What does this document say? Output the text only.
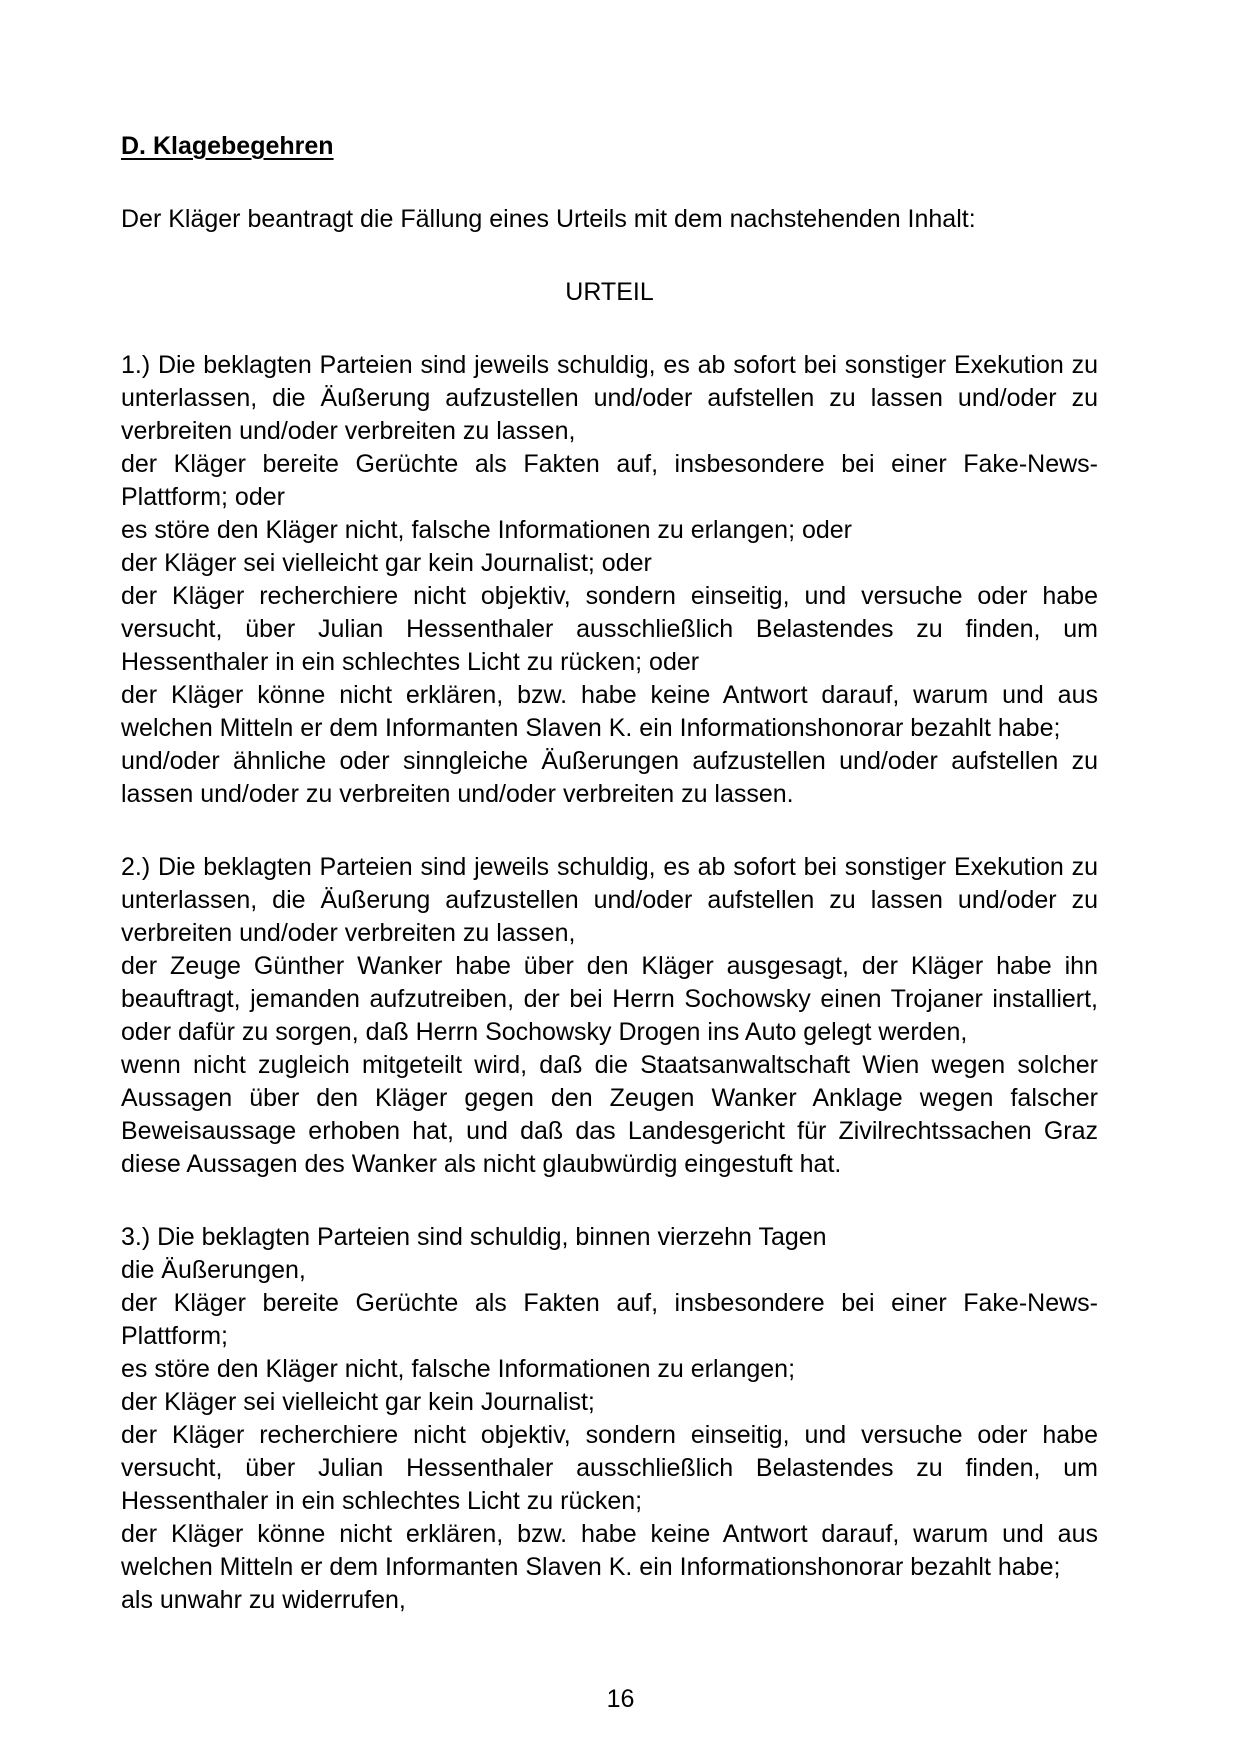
D. Klagebegehren

Der Kläger beantragt die Fällung eines Urteils mit dem nachstehenden Inhalt:

URTEIL
1.) Die beklagten Parteien sind jeweils schuldig, es ab sofort bei sonstiger Exekution zu unterlassen, die Äußerung aufzustellen und/oder aufstellen zu lassen und/oder zu verbreiten und/oder verbreiten zu lassen,
der Kläger bereite Gerüchte als Fakten auf, insbesondere bei einer Fake-News-Plattform; oder
es störe den Kläger nicht, falsche Informationen zu erlangen; oder
der Kläger sei vielleicht gar kein Journalist; oder
der Kläger recherchiere nicht objektiv, sondern einseitig, und versuche oder habe versucht, über Julian Hessenthaler ausschließlich Belastendes zu finden, um Hessenthaler in ein schlechtes Licht zu rücken; oder
der Kläger könne nicht erklären, bzw. habe keine Antwort darauf, warum und aus welchen Mitteln er dem Informanten Slaven K. ein Informationshonorar bezahlt habe;
und/oder ähnliche oder sinngleiche Äußerungen aufzustellen und/oder aufstellen zu lassen und/oder zu verbreiten und/oder verbreiten zu lassen.
2.) Die beklagten Parteien sind jeweils schuldig, es ab sofort bei sonstiger Exekution zu unterlassen, die Äußerung aufzustellen und/oder aufstellen zu lassen und/oder zu verbreiten und/oder verbreiten zu lassen,
der Zeuge Günther Wanker habe über den Kläger ausgesagt, der Kläger habe ihn beauftragt, jemanden aufzutreiben, der bei Herrn Sochowsky einen Trojaner installiert, oder dafür zu sorgen, daß Herrn Sochowsky Drogen ins Auto gelegt werden,
wenn nicht zugleich mitgeteilt wird, daß die Staatsanwaltschaft Wien wegen solcher Aussagen über den Kläger gegen den Zeugen Wanker Anklage wegen falscher Beweisaussage erhoben hat, und daß das Landesgericht für Zivilrechtssachen Graz diese Aussagen des Wanker als nicht glaubwürdig eingestuft hat.
3.) Die beklagten Parteien sind schuldig, binnen vierzehn Tagen
die Äußerungen,
der Kläger bereite Gerüchte als Fakten auf, insbesondere bei einer Fake-News-Plattform;
es störe den Kläger nicht, falsche Informationen zu erlangen;
der Kläger sei vielleicht gar kein Journalist;
der Kläger recherchiere nicht objektiv, sondern einseitig, und versuche oder habe versucht, über Julian Hessenthaler ausschließlich Belastendes zu finden, um Hessenthaler in ein schlechtes Licht zu rücken;
der Kläger könne nicht erklären, bzw. habe keine Antwort darauf, warum und aus welchen Mitteln er dem Informanten Slaven K. ein Informationshonorar bezahlt habe;
als unwahr zu widerrufen,
16
